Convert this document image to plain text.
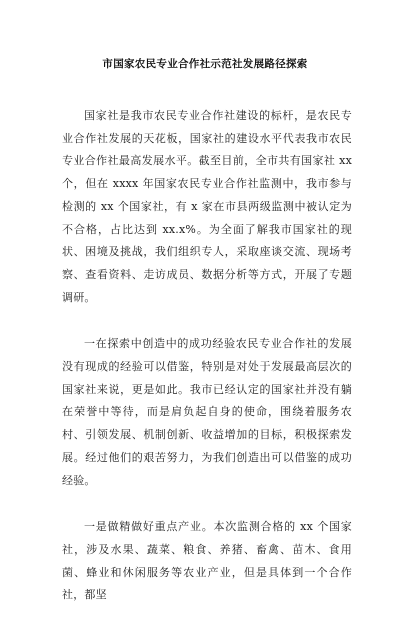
市国家农民专业合作社示范社发展路径探索

国家社是我市农民专业合作社建设的标杆，是农民专业合作社发展的天花板，国家社的建设水平代表我市农民专业合作社最高发展水平。截至目前，全市共有国家社 xx 个，但在 xxxx 年国家农民专业合作社监测中，我市参与检测的 xx 个国家社，有 x 家在市县两级监测中被认定为不合格，占比达到 xx.x%。为全面了解我市国家社的现状、困境及挑战，我们组织专人，采取座谈交流、现场考察、查看资料、走访成员、数据分析等方式，开展了专题调研。

一在探索中创造中的成功经验农民专业合作社的发展没有现成的经验可以借鉴，特别是对处于发展最高层次的国家社来说，更是如此。我市已经认定的国家社并没有躺在荣誉中等待，而是肩负起自身的使命，围绕着服务农村、引领发展、机制创新、收益增加的目标，积极探索发展。经过他们的艰苦努力，为我们创造出可以借鉴的成功经验。

一是做精做好重点产业。本次监测合格的 xx 个国家社，涉及水果、蔬菜、粮食、养猪、畜禽、苗木、食用菌、蜂业和休闲服务等农业产业，但是具体到一个合作社，都坚
